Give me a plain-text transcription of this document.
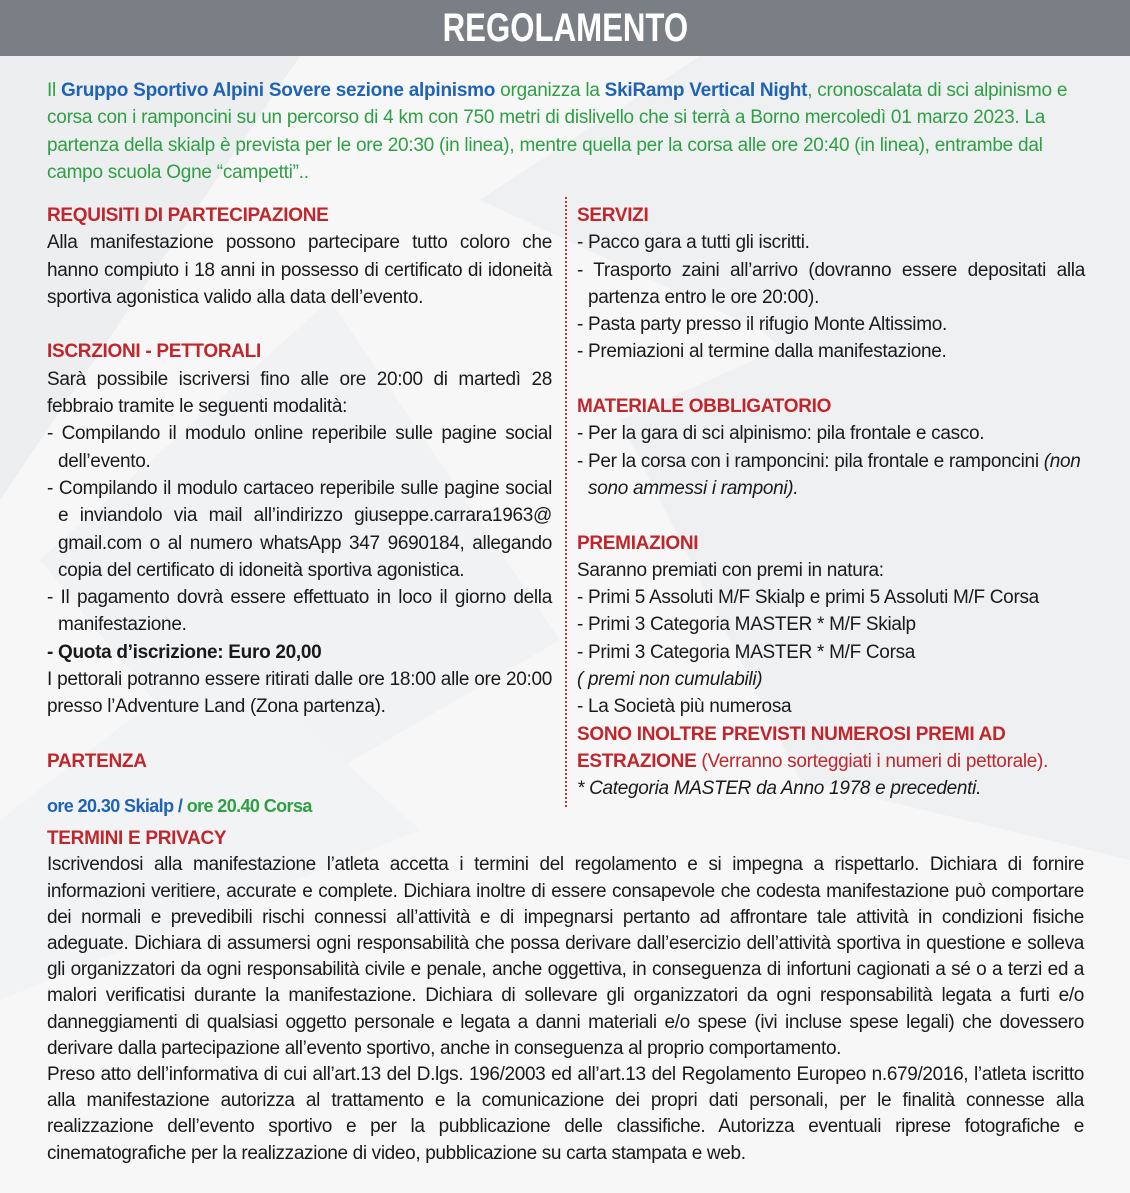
REGOLAMENTO
Il Gruppo Sportivo Alpini Sovere sezione alpinismo organizza la SkiRamp Vertical Night, cronoscalata di sci alpinismo e corsa con i ramponcini su un percorso di 4 km con 750 metri di dislivello che si terrà a Borno mercoledì 01 marzo 2023. La partenza della skialp è prevista per le ore 20:30 (in linea), mentre quella per la corsa alle ore 20:40 (in linea), entrambe dal campo scuola Ogne “campetti”..

REQUISITI DI PARTECIPAZIONE

Alla manifestazione possono partecipare tutto coloro che hanno compiuto i 18 anni in possesso di certificato di idoneità sportiva agonistica valido alla data dell’evento.

ISCRZIONI - PETTORALI

Sarà possibile iscriversi fino alle ore 20:00 di martedì 28 febbraio tramite le seguenti modalità:

- Compilando il modulo online reperibile sulle pagine social dell’evento.

- Compilando il modulo cartaceo reperibile sulle pagine social e inviandolo via mail all’indirizzo giuseppe.carrara1963@ gmail.com o al numero whatsApp 347 9690184, allegando copia del certificato di idoneità sportiva agonistica.

- Il pagamento dovrà essere effettuato in loco il giorno della manifestazione.

- Quota d’iscrizione: Euro 20,00

I pettorali potranno essere ritirati dalle ore 18:00 alle ore 20:00 presso l’Adventure Land (Zona partenza).

PARTENZA

ore 20.30 Skialp / ore 20.40 Corsa

SERVIZI

- Pacco gara a tutti gli iscritti.

- Trasporto zaini all’arrivo (dovranno essere depositati alla partenza entro le ore 20:00).

- Pasta party presso il rifugio Monte Altissimo.

- Premiazioni al termine dalla manifestazione.

MATERIALE OBBLIGATORIO

- Per la gara di sci alpinismo: pila frontale e casco.

- Per la corsa con i ramponcini: pila frontale e ramponcini (non sono ammessi i ramponi).

PREMIAZIONI

Saranno premiati con premi in natura:

- Primi 5 Assoluti M/F Skialp e primi 5 Assoluti M/F Corsa

- Primi 3 Categoria MASTER * M/F Skialp

- Primi 3 Categoria MASTER * M/F Corsa

( premi non cumulabili)

- La Società più numerosa

SONO INOLTRE PREVISTI NUMEROSI PREMI AD ESTRAZIONE (Verranno sorteggiati i numeri di pettorale).

* Categoria MASTER da Anno 1978 e precedenti.

TERMINI E PRIVACY

Iscrivendosi alla manifestazione l’atleta accetta i termini del regolamento e si impegna a rispettarlo. Dichiara di fornire informazioni veritiere, accurate e complete. Dichiara inoltre di essere consapevole che codesta manifestazione può comportare dei normali e prevedibili rischi connessi all’attività e di impegnarsi pertanto ad affrontare tale attività in condizioni fisiche adeguate. Dichiara di assumersi ogni responsabilità che possa derivare dall’esercizio dell’attività sportiva in questione e solleva gli organizzatori da ogni responsabilità civile e penale, anche oggettiva, in conseguenza di infortuni cagionati a sé o a terzi ed a malori verificatisi durante la manifestazione. Dichiara di sollevare gli organizzatori da ogni responsabilità legata a furti e/o danneggiamenti di qualsiasi oggetto personale e legata a danni materiali e/o spese (ivi incluse spese legali) che dovessero derivare dalla partecipazione all’evento sportivo, anche in conseguenza al proprio comportamento.

Preso atto dell’informativa di cui all’art.13 del D.lgs. 196/2003 ed all’art.13 del Regolamento Europeo n.679/2016, l’atleta iscritto alla manifestazione autorizza al trattamento e la comunicazione dei propri dati personali, per le finalità connesse alla realizzazione dell’evento sportivo e per la pubblicazione delle classifiche. Autorizza eventuali riprese fotografiche e cinematografiche per la realizzazione di video, pubblicazione su carta stampata e web.
